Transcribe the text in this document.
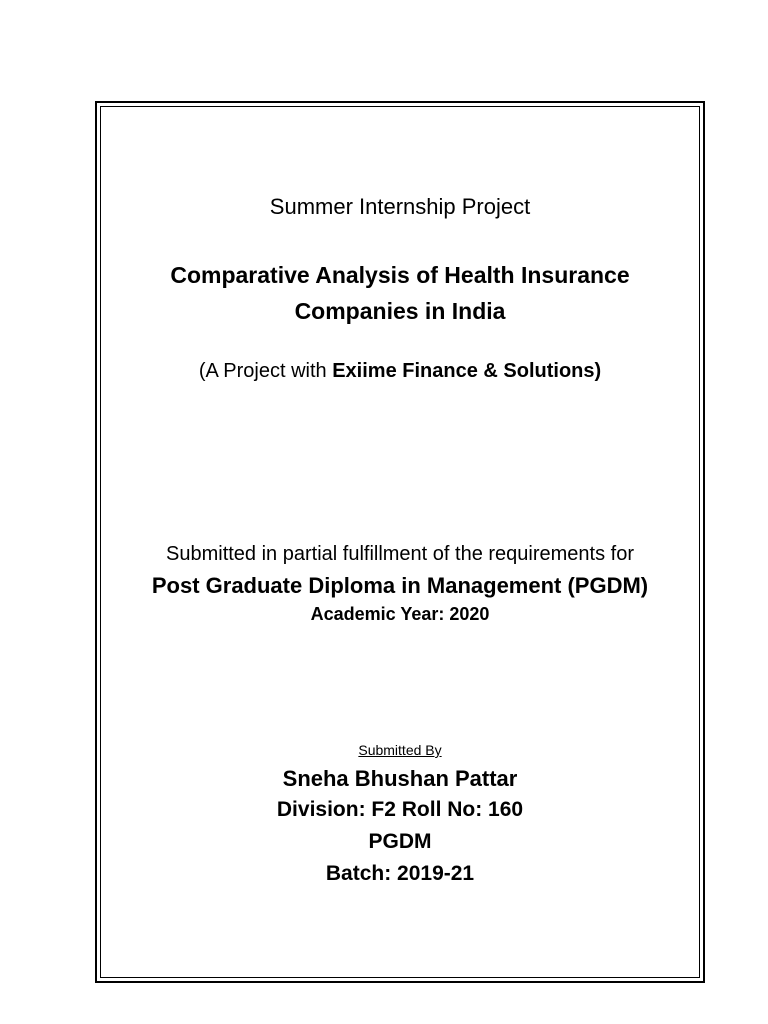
Summer Internship Project
Comparative Analysis of Health Insurance
Companies in India
(A Project with Exiime Finance & Solutions)
Submitted in partial fulfillment of the requirements for
Post Graduate Diploma in Management (PGDM)
Academic Year: 2020
Submitted By
Sneha Bhushan Pattar
Division: F2 Roll No: 160
PGDM
Batch: 2019-21
